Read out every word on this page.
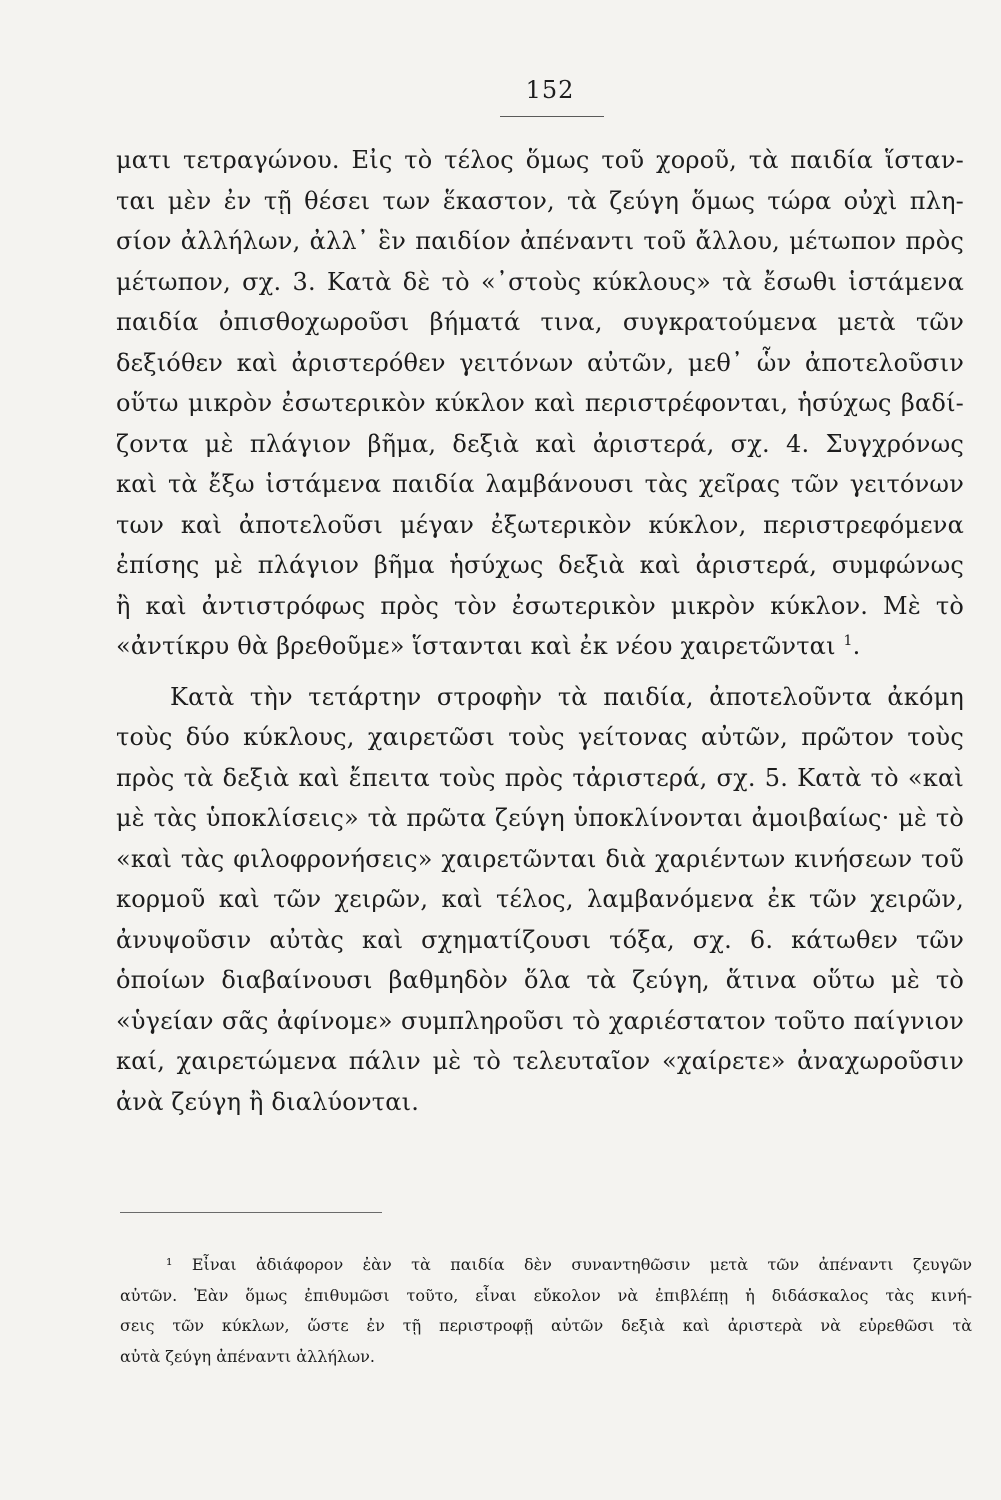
152
ματι τετραγώνου. Εἰς τὸ τέλος ὅμως τοῦ χοροῦ, τὰ παιδία ἵσταν-
ται μὲν ἐν τῇ θέσει των ἕκαστον, τὰ ζεύγη ὅμως τώρα οὐχὶ πλη-
σίον ἀλλήλων, ἀλλ᾽ ἓν παιδίον ἀπέναντι τοῦ ἄλλου, μέτωπον πρὸς
μέτωπον, σχ. 3. Κατὰ δὲ τὸ «᾽στοὺς κύκλους» τὰ ἔσωθι ἱστάμενα
παιδία ὀπισθοχωροῦσι βήματά τινα, συγκρατούμενα μετὰ τῶν
δεξιόθεν καὶ ἀριστερόθεν γειτόνων αὐτῶν, μεθ᾽ ὧν ἀποτελοῦσιν
οὕτω μικρὸν ἐσωτερικὸν κύκλον καὶ περιστρέφονται, ἡσύχως βαδί-
ζοντα μὲ πλάγιον βῆμα, δεξιὰ καὶ ἀριστερά, σχ. 4. Συγχρόνως
καὶ τὰ ἔξω ἱστάμενα παιδία λαμβάνουσι τὰς χεῖρας τῶν γειτόνων
των καὶ ἀποτελοῦσι μέγαν ἐξωτερικὸν κύκλον, περιστρεφόμενα
ἐπίσης μὲ πλάγιον βῆμα ἡσύχως δεξιὰ καὶ ἀριστερά, συμφώνως
ἢ καὶ ἀντιστρόφως πρὸς τὸν ἐσωτερικὸν μικρὸν κύκλον. Μὲ τὸ
«ἀντίκρυ θὰ βρεθοῦμε» ἵστανται καὶ ἐκ νέου χαιρετῶνται $^1$.
Κατὰ τὴν τετάρτην στροφὴν τὰ παιδία, ἀποτελοῦντα ἀκόμη
τοὺς δύο κύκλους, χαιρετῶσι τοὺς γείτονας αὐτῶν, πρῶτον τοὺς
πρὸς τὰ δεξιὰ καὶ ἔπειτα τοὺς πρὸς τἀριστερά, σχ. 5. Κατὰ τὸ «καὶ
μὲ τὰς ὑποκλίσεις» τὰ πρῶτα ζεύγη ὑποκλίνονται ἀμοιβαίως· μὲ τὸ
«καὶ τὰς φιλοφρονήσεις» χαιρετῶνται διὰ χαριέντων κινήσεων τοῦ
κορμοῦ καὶ τῶν χειρῶν, καὶ τέλος, λαμβανόμενα ἐκ τῶν χειρῶν,
ἀνυψοῦσιν αὐτὰς καὶ σχηματίζουσι τόξα, σχ. 6. κάτωθεν τῶν
ὁποίων διαβαίνουσι βαθμηδὸν ὅλα τὰ ζεύγη, ἅτινα οὕτω μὲ τὸ
«ὑγείαν σᾶς ἀφίνομε» συμπληροῦσι τὸ χαριέστατον τοῦτο παίγνιον
καί, χαιρετώμενα πάλιν μὲ τὸ τελευταῖον «χαίρετε» ἀναχωροῦσιν
ἀνὰ ζεύγη ἢ διαλύονται.
¹ Εἶναι ἀδιάφορον ἐὰν τὰ παιδία δὲν συναντηθῶσιν μετὰ τῶν ἀπέναντι ζευγῶν
αὐτῶν. Ἐὰν ὅμως ἐπιθυμῶσι τοῦτο, εἶναι εὔκολον νὰ ἐπιβλέπῃ ἡ διδάσκαλος τὰς κινή-
σεις τῶν κύκλων, ὥστε ἐν τῇ περιστροφῇ αὐτῶν δεξιὰ καὶ ἀριστερὰ νὰ εὑρεθῶσι τὰ
αὐτὰ ζεύγη ἀπέναντι ἀλλήλων.
